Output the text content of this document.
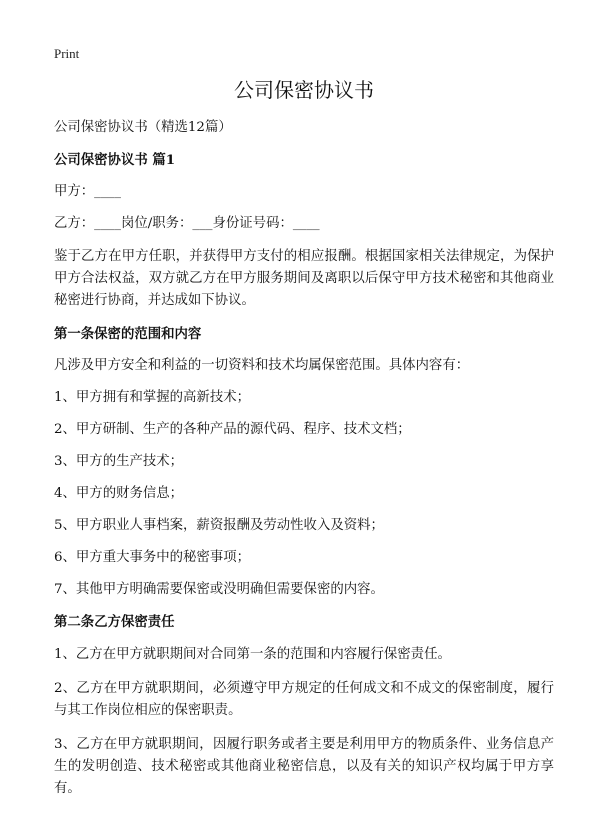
Print
公司保密协议书

公司保密协议书（精选12篇）

公司保密协议书 篇1

甲方：____

乙方：____岗位/职务：___身份证号码：____

鉴于乙方在甲方任职，并获得甲方支付的相应报酬。根据国家相关法律规定，为保护甲方合法权益，双方就乙方在甲方服务期间及离职以后保守甲方技术秘密和其他商业秘密进行协商，并达成如下协议。

第一条保密的范围和内容

凡涉及甲方安全和利益的一切资料和技术均属保密范围。具体内容有：

1、甲方拥有和掌握的高新技术；

2、甲方研制、生产的各种产品的源代码、程序、技术文档；

3、甲方的生产技术；

4、甲方的财务信息；

5、甲方职业人事档案，薪资报酬及劳动性收入及资料；

6、甲方重大事务中的秘密事项；

7、其他甲方明确需要保密或没明确但需要保密的内容。

第二条乙方保密责任

1、乙方在甲方就职期间对合同第一条的范围和内容履行保密责任。

2、乙方在甲方就职期间，必须遵守甲方规定的任何成文和不成文的保密制度，履行与其工作岗位相应的保密职责。

3、乙方在甲方就职期间，因履行职务或者主要是利用甲方的物质条件、业务信息产生的发明创造、技术秘密或其他商业秘密信息，以及有关的知识产权均属于甲方享有。
